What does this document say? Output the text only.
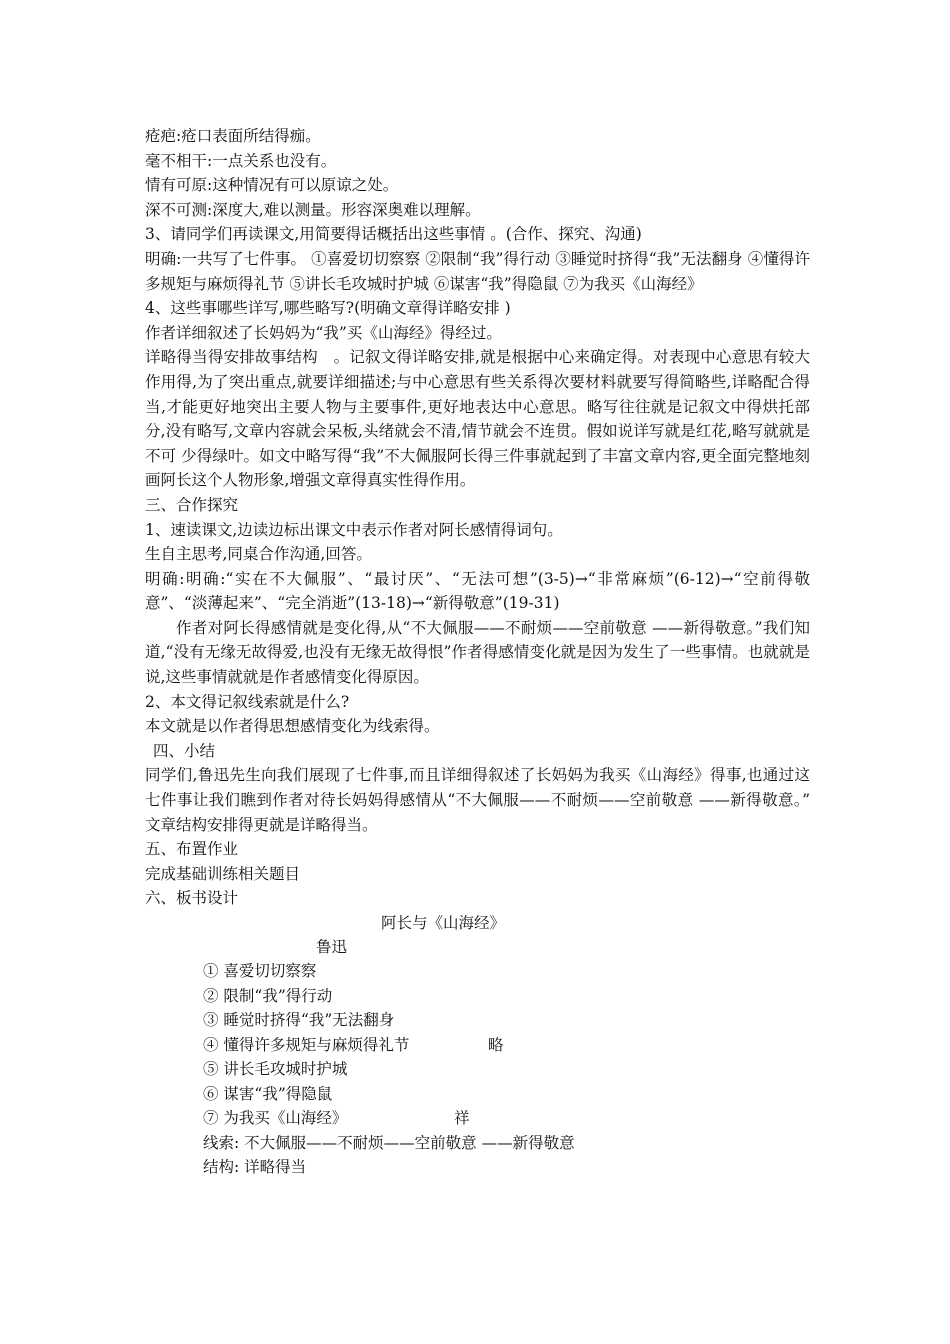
疮疤:疮口表面所结得痂。

毫不相干:一点关系也没有。

情有可原:这种情况有可以原谅之处。

深不可测:深度大,难以测量。形容深奥难以理解。

3、请同学们再读课文,用简要得话概括出这些事情 。(合作、探究、沟通)

明确:一共写了七件事。 ①喜爱切切察察 ②限制“我”得行动 ③睡觉时挤得“我”无法翻身 ④懂得许多规矩与麻烦得礼节 ⑤讲长毛攻城时护城 ⑥谋害“我”得隐鼠 ⑦为我买《山海经》

4、这些事哪些详写,哪些略写?(明确文章得详略安排 )

作者详细叙述了长妈妈为“我”买《山海经》得经过。

详略得当得安排故事结构　。记叙文得详略安排,就是根据中心来确定得。对表现中心意思有较大作用得,为了突出重点,就要详细描述;与中心意思有些关系得次要材料就要写得简略些,详略配合得当,才能更好地突出主要人物与主要事件,更好地表达中心意思。略写往往就是记叙文中得烘托部分,没有略写,文章内容就会呆板,头绪就会不清,情节就会不连贯。假如说详写就是红花,略写就就是不可 少得绿叶。如文中略写得“我”不大佩服阿长得三件事就起到了丰富文章内容,更全面完整地刻画阿长这个人物形象,增强文章得真实性得作用。

三、合作探究

1、速读课文,边读边标出课文中表示作者对阿长感情得词句。

生自主思考,同桌合作沟通,回答。

明确:明确:“实在不大佩服”、“最讨厌”、“无法可想”(3-5)→“非常麻烦”(6-12)→“空前得敬意”、“淡薄起来”、“完全消逝”(13-18)→“新得敬意”(19-31)

作者对阿长得感情就是变化得,从“不大佩服——不耐烦——空前敬意 ——新得敬意。”我们知道,“没有无缘无故得爱,也没有无缘无故得恨”作者得感情变化就是因为发生了一些事情。也就就是说,这些事情就就是作者感情变化得原因。

2、本文得记叙线索就是什么?

本文就是以作者得思想感情变化为线索得。

四、小结

同学们,鲁迅先生向我们展现了七件事,而且详细得叙述了长妈妈为我买《山海经》得事,也通过这七件事让我们瞧到作者对待长妈妈得感情从“不大佩服——不耐烦——空前敬意 ——新得敬意。” 文章结构安排得更就是详略得当。

五、布置作业

完成基础训练相关题目

六、板书设计

阿长与《山海经》
鲁迅
① 喜爱切切察察
② 限制“我”得行动
③ 睡觉时挤得“我”无法翻身
④ 懂得许多规矩与麻烦得礼节	略
⑤ 讲长毛攻城时护城
⑥ 谋害“我”得隐鼠
⑦ 为我买《山海经》	祥
线索: 不大佩服——不耐烦——空前敬意 ——新得敬意
结构: 详略得当
